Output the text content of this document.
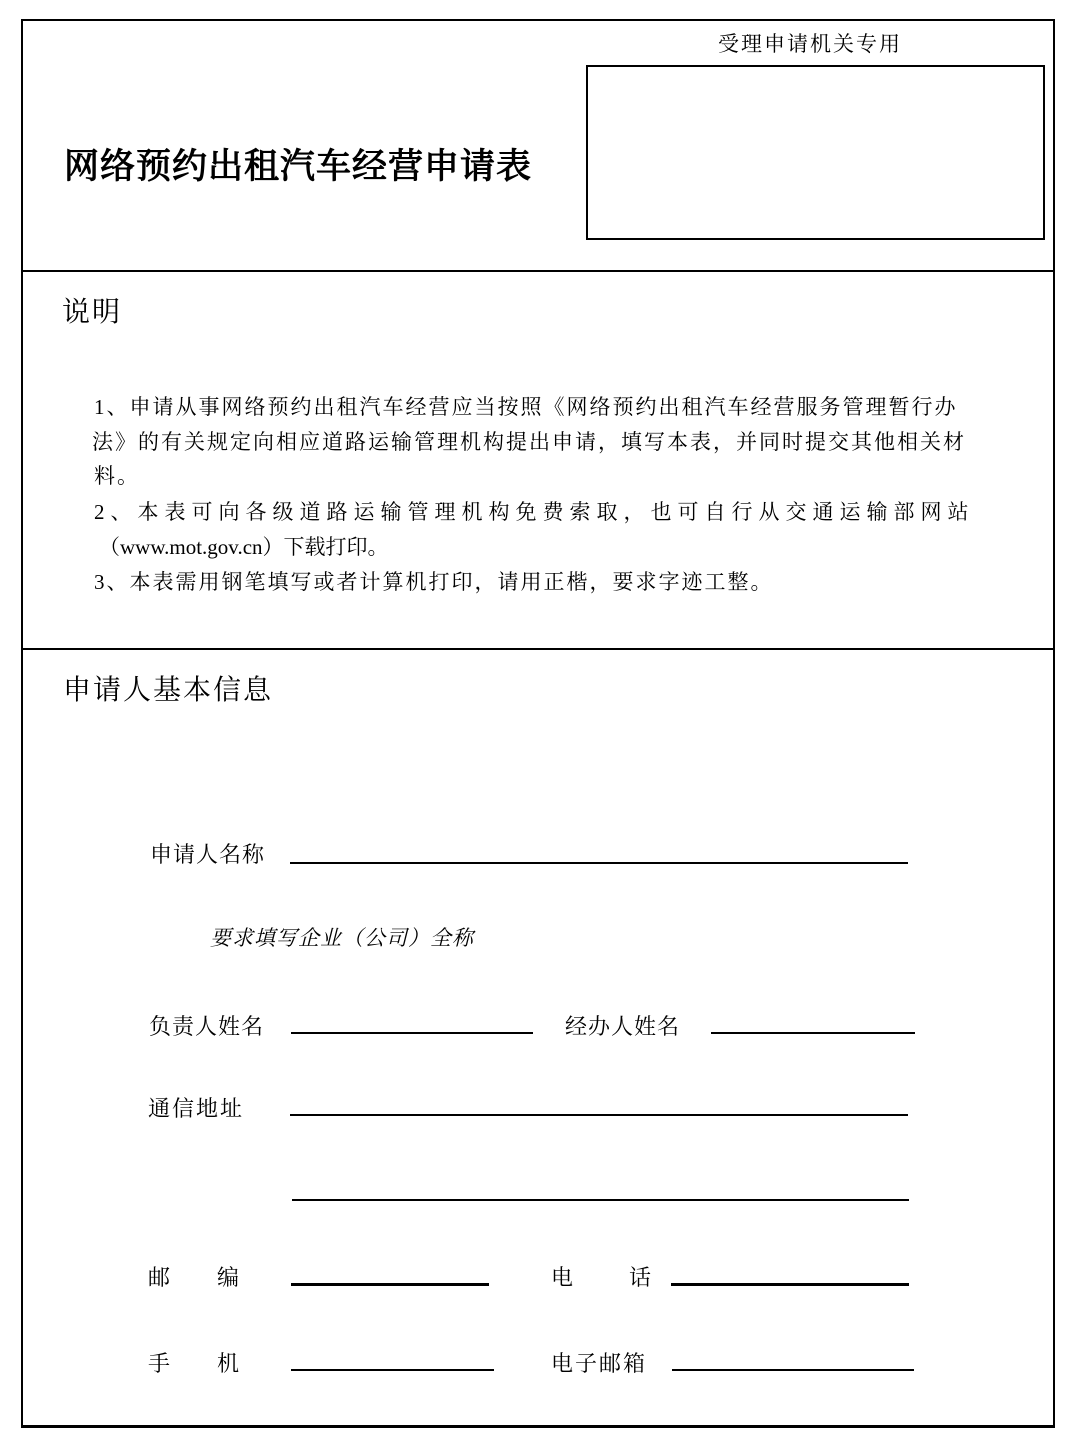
受理申请机关专用
网络预约出租汽车经营申请表
说明
1、申请从事网络预约出租汽车经营应当按照《网络预约出租汽车经营服务管理暂行办
法》的有关规定向相应道路运输管理机构提出申请，填写本表，并同时提交其他相关材
料。
2、本表可向各级道路运输管理机构免费索取，也可自行从交通运输部网站
（www.mot.gov.cn）下载打印。
3、本表需用钢笔填写或者计算机打印，请用正楷，要求字迹工整。
申请人基本信息
申请人名称
要求填写企业（公司）全称
负责人姓名	经办人姓名
通信地址
邮　　编	电　　话
手　　机	电子邮箱
